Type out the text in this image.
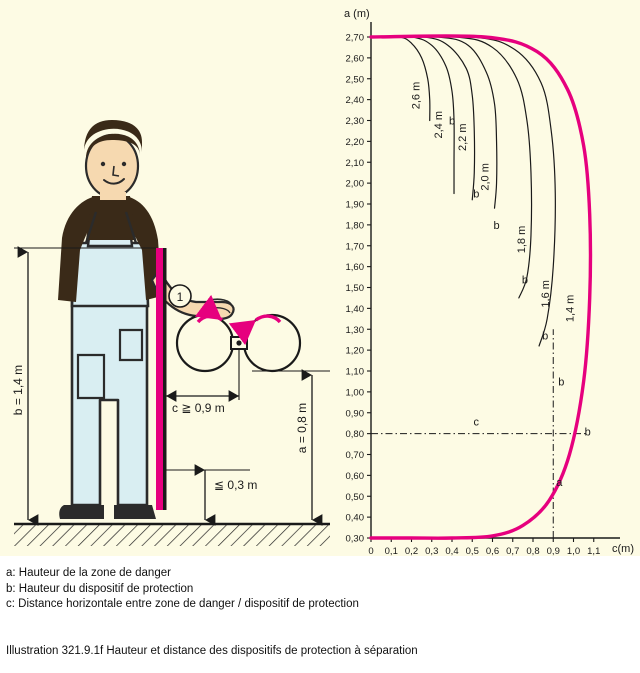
1
b = 1,4 m
a = 0,8 m
c ≧ 0,9 m
≦ 0,3 m
0,30
0,40
0,50
0,60
0,70
0,80
0,90
1,00
1,10
1,20
1,30
1,40
1,50
1,60
1,70
1,80
1,90
2,00
2,10
2,20
2,30
2,40
2,50
2,60
2,70
0 0,1 0,2 0,3 0,4 0,5 0,6 0,7 0,8 0,9 1,0 1,1
2,6 m
2,4 m 2,2 m
2,0 m
1,8 m
1,6 m
1,4 m
c
a
b
b
b
b
b
b
b
c(m)
a (m)
a: Hauteur de la zone de danger
b: Hauteur du dispositif de protection
c: Distance horizontale entre zone de danger / dispositif de protection
Illustration 321.9.1f Hauteur et distance des dispositifs de protection à séparation
